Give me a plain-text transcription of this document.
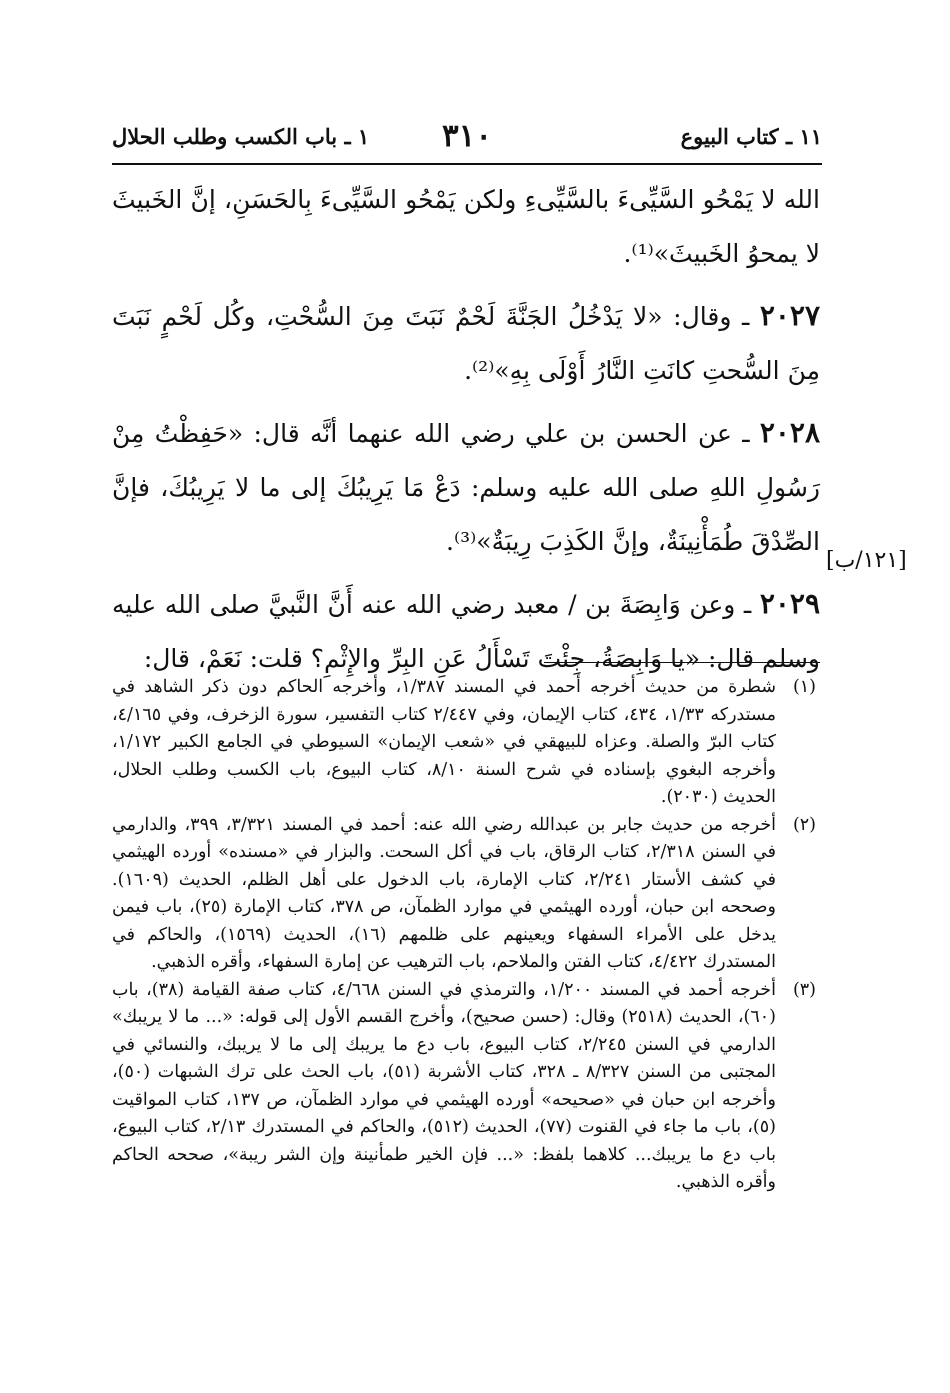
١١ ـ كتاب البيوع
٣١٠
١ ـ باب الكسب وطلب الحلال
[١٢١/ب]

الله لا يَمْحُو السَّيِّىءَ بالسَّيِّىءِ ولكن يَمْحُو السَّيِّىءَ بِالحَسَنِ، إنَّ الخَبيثَ لا يمحوُ الخَبيثَ»⁽¹⁾.

٢٠٢٧ ـ وقال: «لا يَدْخُلُ الجَنَّةَ لَحْمٌ نَبَتَ مِنَ السُّحْتِ، وكُل لَحْمٍ نَبَتَ مِنَ السُّحتِ كانَتِ النَّارُ أَوْلَى بِهِ»⁽²⁾.

٢٠٢٨ ـ عن الحسن بن علي رضي الله عنهما أنَّه قال: «حَفِظْتُ مِنْ رَسُولِ اللهِ صلى الله عليه وسلم: دَعْ مَا يَرِيبُكَ إلى ما لا يَرِيبُكَ، فإنَّ الصِّدْقَ طُمَأْنِينَةٌ، وإنَّ الكَذِبَ رِيبَةٌ»⁽³⁾.

٢٠٢٩ ـ وعن وَابِصَةَ بن / معبد رضي الله عنه أَنَّ النَّبيَّ صلى الله عليه وسلم قال: «يا وَابِصَةُ، جِئْتَ تَسْأَلُ عَنِ البِرِّ والإِثْمِ؟ قلت: نَعَمْ، قال:

(١)
شطرة من حديث أخرجه أحمد في المسند ١/٣٨٧، وأخرجه الحاكم دون ذكر الشاهد في مستدركه ١/٣٣، ٤٣٤، كتاب الإيمان، وفي ٢/٤٤٧ كتاب التفسير، سورة الزخرف، وفي ٤/١٦٥، كتاب البرّ والصلة. وعزاه للبيهقي في «شعب الإيمان» السيوطي في الجامع الكبير ١/١٧٢، وأخرجه البغوي بإسناده في شرح السنة ٨/١٠، كتاب البيوع، باب الكسب وطلب الحلال، الحديث (٢٠٣٠).
(٢)
أخرجه من حديث جابر بن عبدالله رضي الله عنه: أحمد في المسند ٣/٣٢١، ٣٩٩، والدارمي في السنن ٢/٣١٨، كتاب الرقاق، باب في أكل السحت. والبزار في «مسنده» أورده الهيثمي في كشف الأستار ٢/٢٤١، كتاب الإمارة، باب الدخول على أهل الظلم، الحديث (١٦٠٩). وصححه ابن حبان، أورده الهيثمي في موارد الظمآن، ص ٣٧٨، كتاب الإمارة (٢٥)، باب فيمن يدخل على الأمراء السفهاء ويعينهم على ظلمهم (١٦)، الحديث (١٥٦٩)، والحاكم في المستدرك ٤/٤٢٢، كتاب الفتن والملاحم، باب الترهيب عن إمارة السفهاء، وأقره الذهبي.
(٣)
أخرجه أحمد في المسند ١/٢٠٠، والترمذي في السنن ٤/٦٦٨، كتاب صفة القيامة (٣٨)، باب (٦٠)، الحديث (٢٥١٨) وقال: (حسن صحيح)، وأخرج القسم الأول إلى قوله: «... ما لا يريبك» الدارمي في السنن ٢/٢٤٥، كتاب البيوع، باب دع ما يريبك إلى ما لا يريبك، والنسائي في المجتبى من السنن ٨/٣٢٧ ـ ٣٢٨، كتاب الأشربة (٥١)، باب الحث على ترك الشبهات (٥٠)، وأخرجه ابن حبان في «صحيحه» أورده الهيثمي في موارد الظمآن، ص ١٣٧، كتاب المواقيت (٥)، باب ما جاء في القنوت (٧٧)، الحديث (٥١٢)، والحاكم في المستدرك ٢/١٣، كتاب البيوع، باب دع ما يريبك... كلاهما بلفظ: «... فإن الخير طمأنينة وإن الشر ريبة»، صححه الحاكم وأقره الذهبي.
